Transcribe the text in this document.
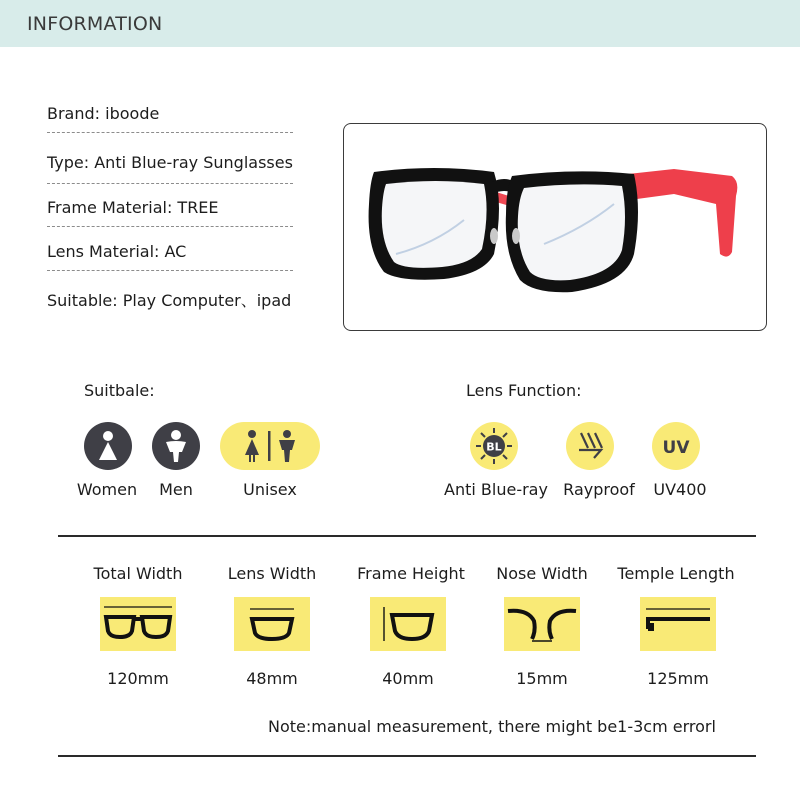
INFORMATION
Brand: iboode
Type: Anti Blue-ray Sunglasses
Frame Material: TREE
Lens Material: AC
Suitable: Play Computer、ipad
Suitbale:
Women	Men	Unisex
Lens Function:
BL	UV
Anti Blue-ray Rayproof	UV400
Total Width	Lens Width	Frame Height	Nose Width	Temple Length
120mm	48mm	40mm	15mm	125mm
Note:manual measurement, there might be1-3cm errorl
